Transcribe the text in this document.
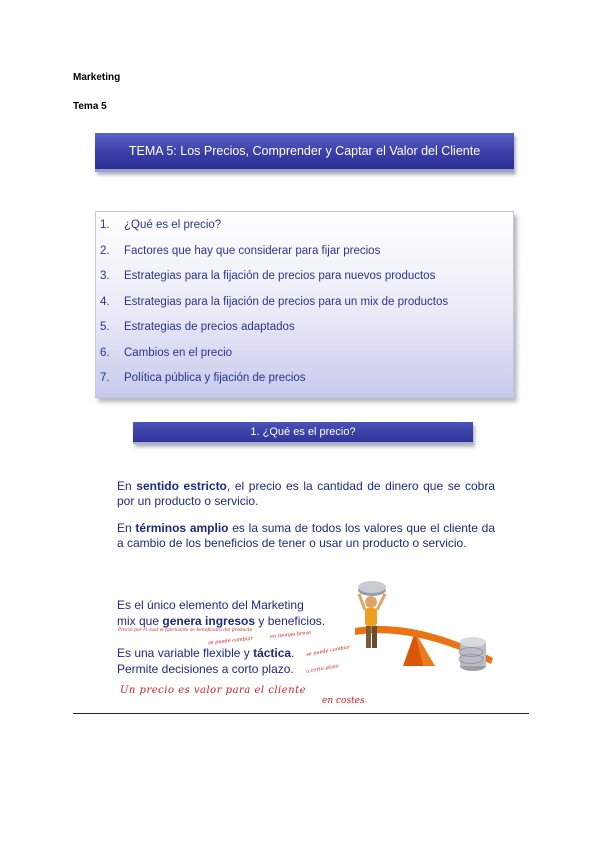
Marketing
Tema 5
TEMA 5: Los Precios, Comprender y Captar el Valor del Cliente
1.	¿Qué es el precio?
2.	Factores que hay que considerar para fijar precios
3.	Estrategias para la fijación de precios para nuevos productos
4.	Estrategias para la fijación de precios para un mix de productos
5.	Estrategias de precios adaptados
6.	Cambios en el precio
7.	Política pública y fijación de precios
1. ¿Qué es el precio?
En sentido estricto, el precio es la cantidad de dinero que se cobra por un producto o servicio.
En términos amplio es la suma de todos los valores que el cliente da a cambio de los beneficios de tener o usar un producto o servicio.
Es el único elemento del Marketing
mix que genera ingresos y beneficios.
Es una variable flexible y táctica.
Permite decisiones a corto plazo.
Precio por el cual el fabricante se beneficiará del producto
se puede cambiar
en tiempo breve
se puede cambiar
a corto plazo
Un precio es valor para el cliente
en costes
